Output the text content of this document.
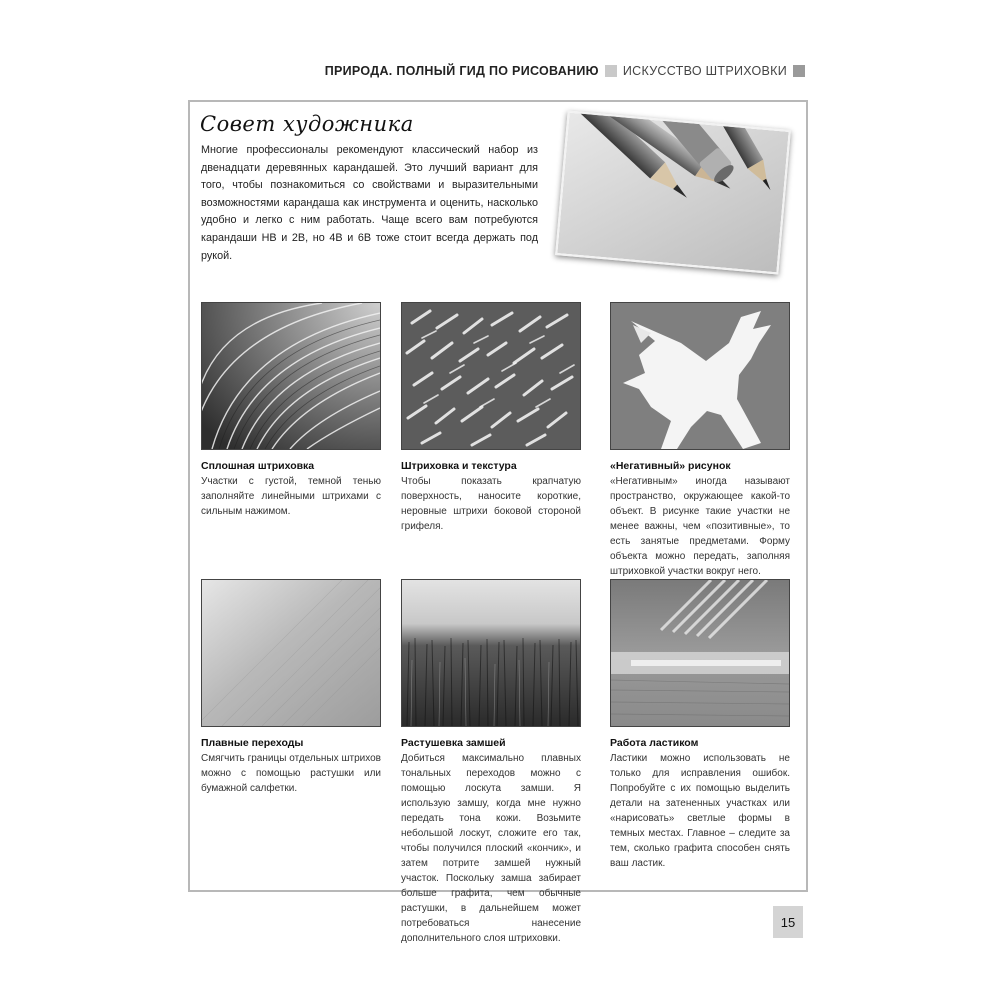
ПРИРОДА. ПОЛНЫЙ ГИД ПО РИСОВАНИЮ ИСКУССТВО ШТРИХОВКИ
Совет художника

Многие профессионалы рекомендуют классический набор из двенадцати деревянных карандашей. Это лучший вариант для того, чтобы познакомиться со свойствами и выразительными возможностями карандаша как инструмента и оценить, насколько удобно и легко с ним работать. Чаще всего вам потребуются карандаши HB и 2B, но 4B и 6B тоже стоит всегда держать под рукой.

Сплошная штриховка

Участки с густой, темной тенью заполняйте линейными штрихами с сильным нажимом.

Штриховка и текстура

Чтобы показать крапчатую поверхность, наносите короткие, неровные штрихи боковой стороной грифеля.

«Негативный» рисунок

«Негативным» иногда называют пространство, окружающее какой-то объект. В рисунке такие участки не менее важны, чем «позитивные», то есть занятые предметами. Форму объекта можно передать, заполняя штриховкой участки вокруг него.

Плавные переходы

Смягчить границы отдельных штрихов можно с помощью растушки или бумажной салфетки.

Растушевка замшей

Добиться максимально плавных тональных переходов можно с помощью лоскута замши. Я использую замшу, когда мне нужно передать тона кожи. Возьмите небольшой лоскут, сложите его так, чтобы получился плоский «кончик», и затем потрите замшей нужный участок. Поскольку замша забирает больше графита, чем обычные растушки, в дальнейшем может потребоваться нанесение дополнительного слоя штриховки.

Работа ластиком

Ластики можно использовать не только для исправления ошибок. Попробуйте с их помощью выделить детали на затененных участках или «нарисовать» светлые формы в темных местах. Главное – следите за тем, сколько графита способен снять ваш ластик.

15
